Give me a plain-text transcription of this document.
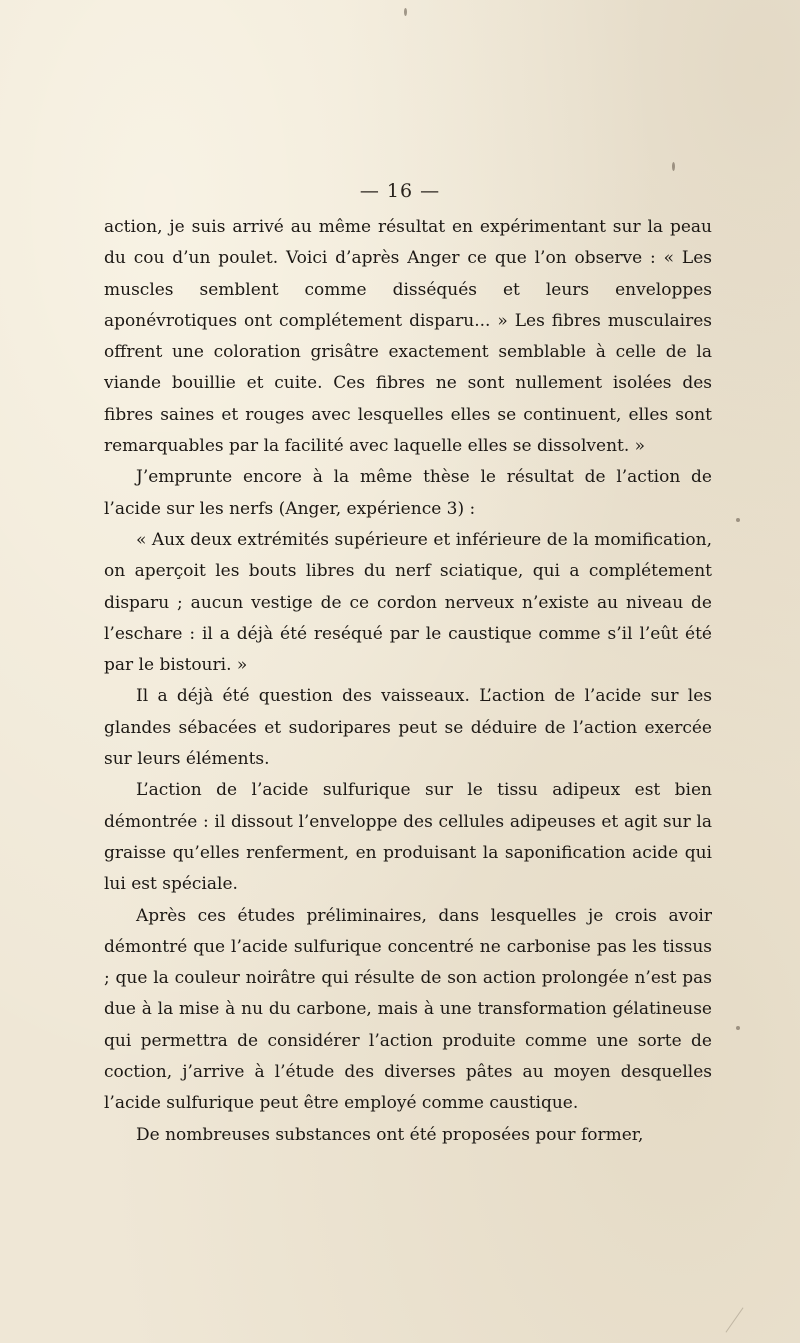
— 16 —

action, je suis arrivé au même résultat en expérimentant sur la peau du cou d’un poulet. Voici d’après Anger ce que l’on observe : « Les muscles semblent comme disséqués et leurs enveloppes aponévrotiques ont complétement disparu... » Les fibres musculaires offrent une coloration grisâtre exactement semblable à celle de la viande bouillie et cuite. Ces fibres ne sont nullement isolées des fibres saines et rouges avec lesquelles elles se continuent, elles sont remarquables par la facilité avec laquelle elles se dissolvent. »

J’emprunte encore à la même thèse le résultat de l’action de l’acide sur les nerfs (Anger, expérience 3) :

« Aux deux extrémités supérieure et inférieure de la momification, on aperçoit les bouts libres du nerf sciatique, qui a complétement disparu ; aucun vestige de ce cordon nerveux n’existe au niveau de l’eschare : il a déjà été reséqué par le caustique comme s’il l’eût été par le bistouri. »

Il a déjà été question des vaisseaux. L’action de l’acide sur les glandes sébacées et sudoripares peut se déduire de l’action exercée sur leurs éléments.

L’action de l’acide sulfurique sur le tissu adipeux est bien démontrée : il dissout l’enveloppe des cellules adipeuses et agit sur la graisse qu’elles renferment, en produisant la saponification acide qui lui est spéciale.

Après ces études préliminaires, dans lesquelles je crois avoir démontré que l’acide sulfurique concentré ne carbonise pas les tissus ; que la couleur noirâtre qui résulte de son action prolongée n’est pas due à la mise à nu du carbone, mais à une transformation gélatineuse qui permettra de considérer l’action produite comme une sorte de coction, j’arrive à l’étude des diverses pâtes au moyen desquelles l’acide sulfurique peut être employé comme caustique.

De nombreuses substances ont été proposées pour former,
